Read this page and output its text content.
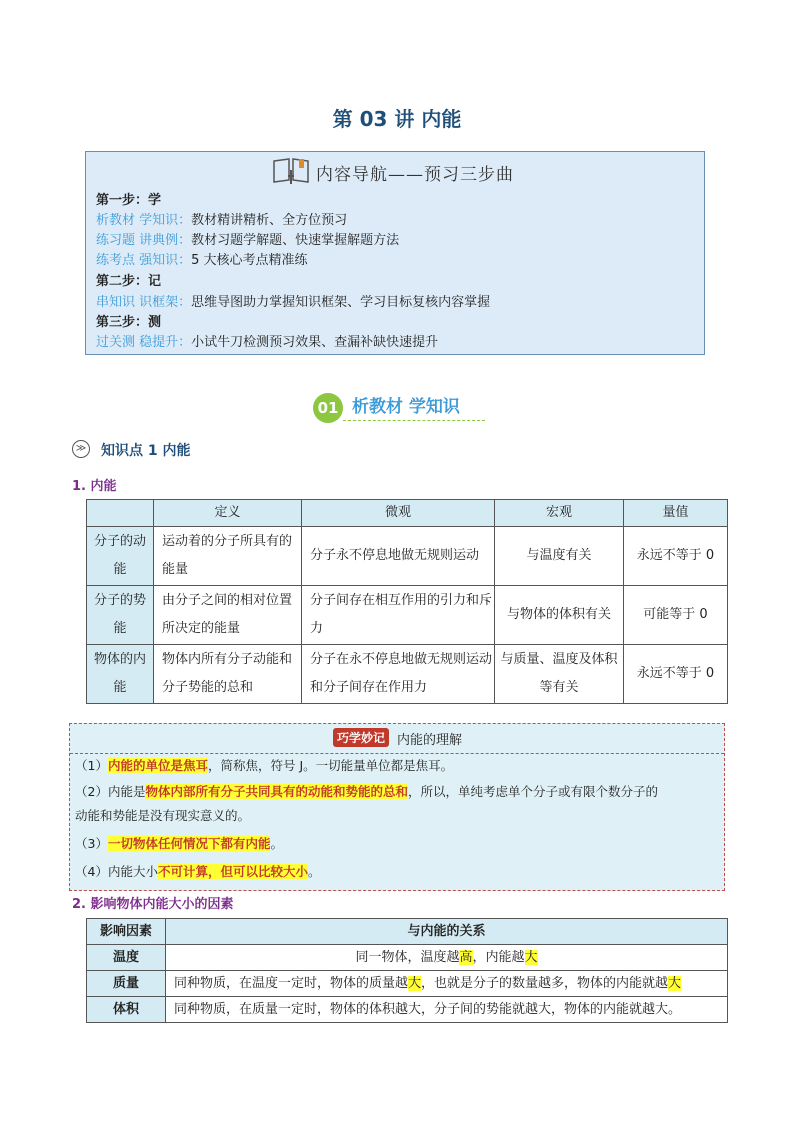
第 03 讲 内能
内容导航——预习三步曲
第一步：学
析教材 学知识：教材精讲精析、全方位预习
练习题 讲典例：教材习题学解题、快速掌握解题方法
练考点 强知识：5 大核心考点精准练
第二步：记
串知识 识框架：思维导图助力掌握知识框架、学习目标复核内容掌握
第三步：测
过关测 稳提升：小试牛刀检测预习效果、查漏补缺快速提升
01 析教材 学知识
≫ 知识点 1 内能
1. 内能
	定义	微观	宏观	量值
分子的动能	运动着的分子所具有的能量	分子永不停息地做无规则运动	与温度有关	永远不等于 0
分子的势能	由分子之间的相对位置所决定的能量	分子间存在相互作用的引力和斥力	与物体的体积有关	可能等于 0
物体的内能	物体内所有分子动能和分子势能的总和	分子在永不停息地做无规则运动和分子间存在作用力	与质量、温度及体积等有关	永远不等于 0
巧学妙记 内能的理解
（1）内能的单位是焦耳，简称焦，符号 J。一切能量单位都是焦耳。
（2）内能是物体内部所有分子共同具有的动能和势能的总和，所以，单纯考虑单个分子或有限个数分子的
动能和势能是没有现实意义的。
（3）一切物体任何情况下都有内能。
（4）内能大小不可计算，但可以比较大小。
2. 影响物体内能大小的因素
影响因素	与内能的关系
温度	同一物体，温度越高，内能越大
质量	同种物质，在温度一定时，物体的质量越大，也就是分子的数量越多，物体的内能就越大
体积	同种物质，在质量一定时，物体的体积越大，分子间的势能就越大，物体的内能就越大。
